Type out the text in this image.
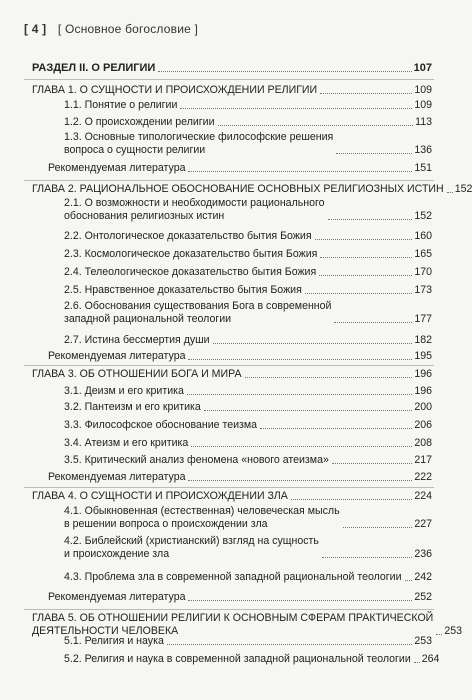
[ 4 ] [ Основное богословие ]
РАЗДЕЛ II. О РЕЛИГИИ	107
ГЛАВА 1. О СУЩНОСТИ И ПРОИСХОЖДЕНИИ РЕЛИГИИ	109
1.1. Понятие о религии	109
1.2. О происхождении религии	113
1.3. Основные типологические философские решения
вопроса о сущности религии	136
Рекомендуемая литература	151
ГЛАВА 2. РАЦИОНАЛЬНОЕ ОБОСНОВАНИЕ ОСНОВНЫХ РЕЛИГИОЗНЫХ ИСТИН 152
2.1. О возможности и необходимости рационального
обоснования религиозных истин	152
2.2. Онтологическое доказательство бытия Божия	160
2.3. Космологическое доказательство бытия Божия	165
2.4. Телеологическое доказательство бытия Божия	170
2.5. Нравственное доказательство бытия Божия	173
2.6. Обоснования существования Бога в современной
западной рациональной теологии	177
2.7. Истина бессмертия души	182
Рекомендуемая литература	195
ГЛАВА 3. ОБ ОТНОШЕНИИ БОГА И МИРА	196
3.1. Деизм и его критика	196
3.2. Пантеизм и его критика	200
3.3. Философское обоснование теизма	206
3.4. Атеизм и его критика	208
3.5. Критический анализ феномена «нового атеизма»	217
Рекомендуемая литература	222
ГЛАВА 4. О СУЩНОСТИ И ПРОИСХОЖДЕНИИ ЗЛА	224
4.1. Обыкновенная (естественная) человеческая мысль
в решении вопроса о происхождении зла	227
4.2. Библейский (христианский) взгляд на сущность
и происхождение зла	236
4.3. Проблема зла в современной западной рациональной теологии 242
Рекомендуемая литература	252
ГЛАВА 5. ОБ ОТНОШЕНИИ РЕЛИГИИ К ОСНОВНЫМ СФЕРАМ ПРАКТИЧЕСКОЙ
ДЕЯТЕЛЬНОСТИ ЧЕЛОВЕКА	253
5.1. Религия и наука	253
5.2. Религия и наука в современной западной рациональной теологии 264
